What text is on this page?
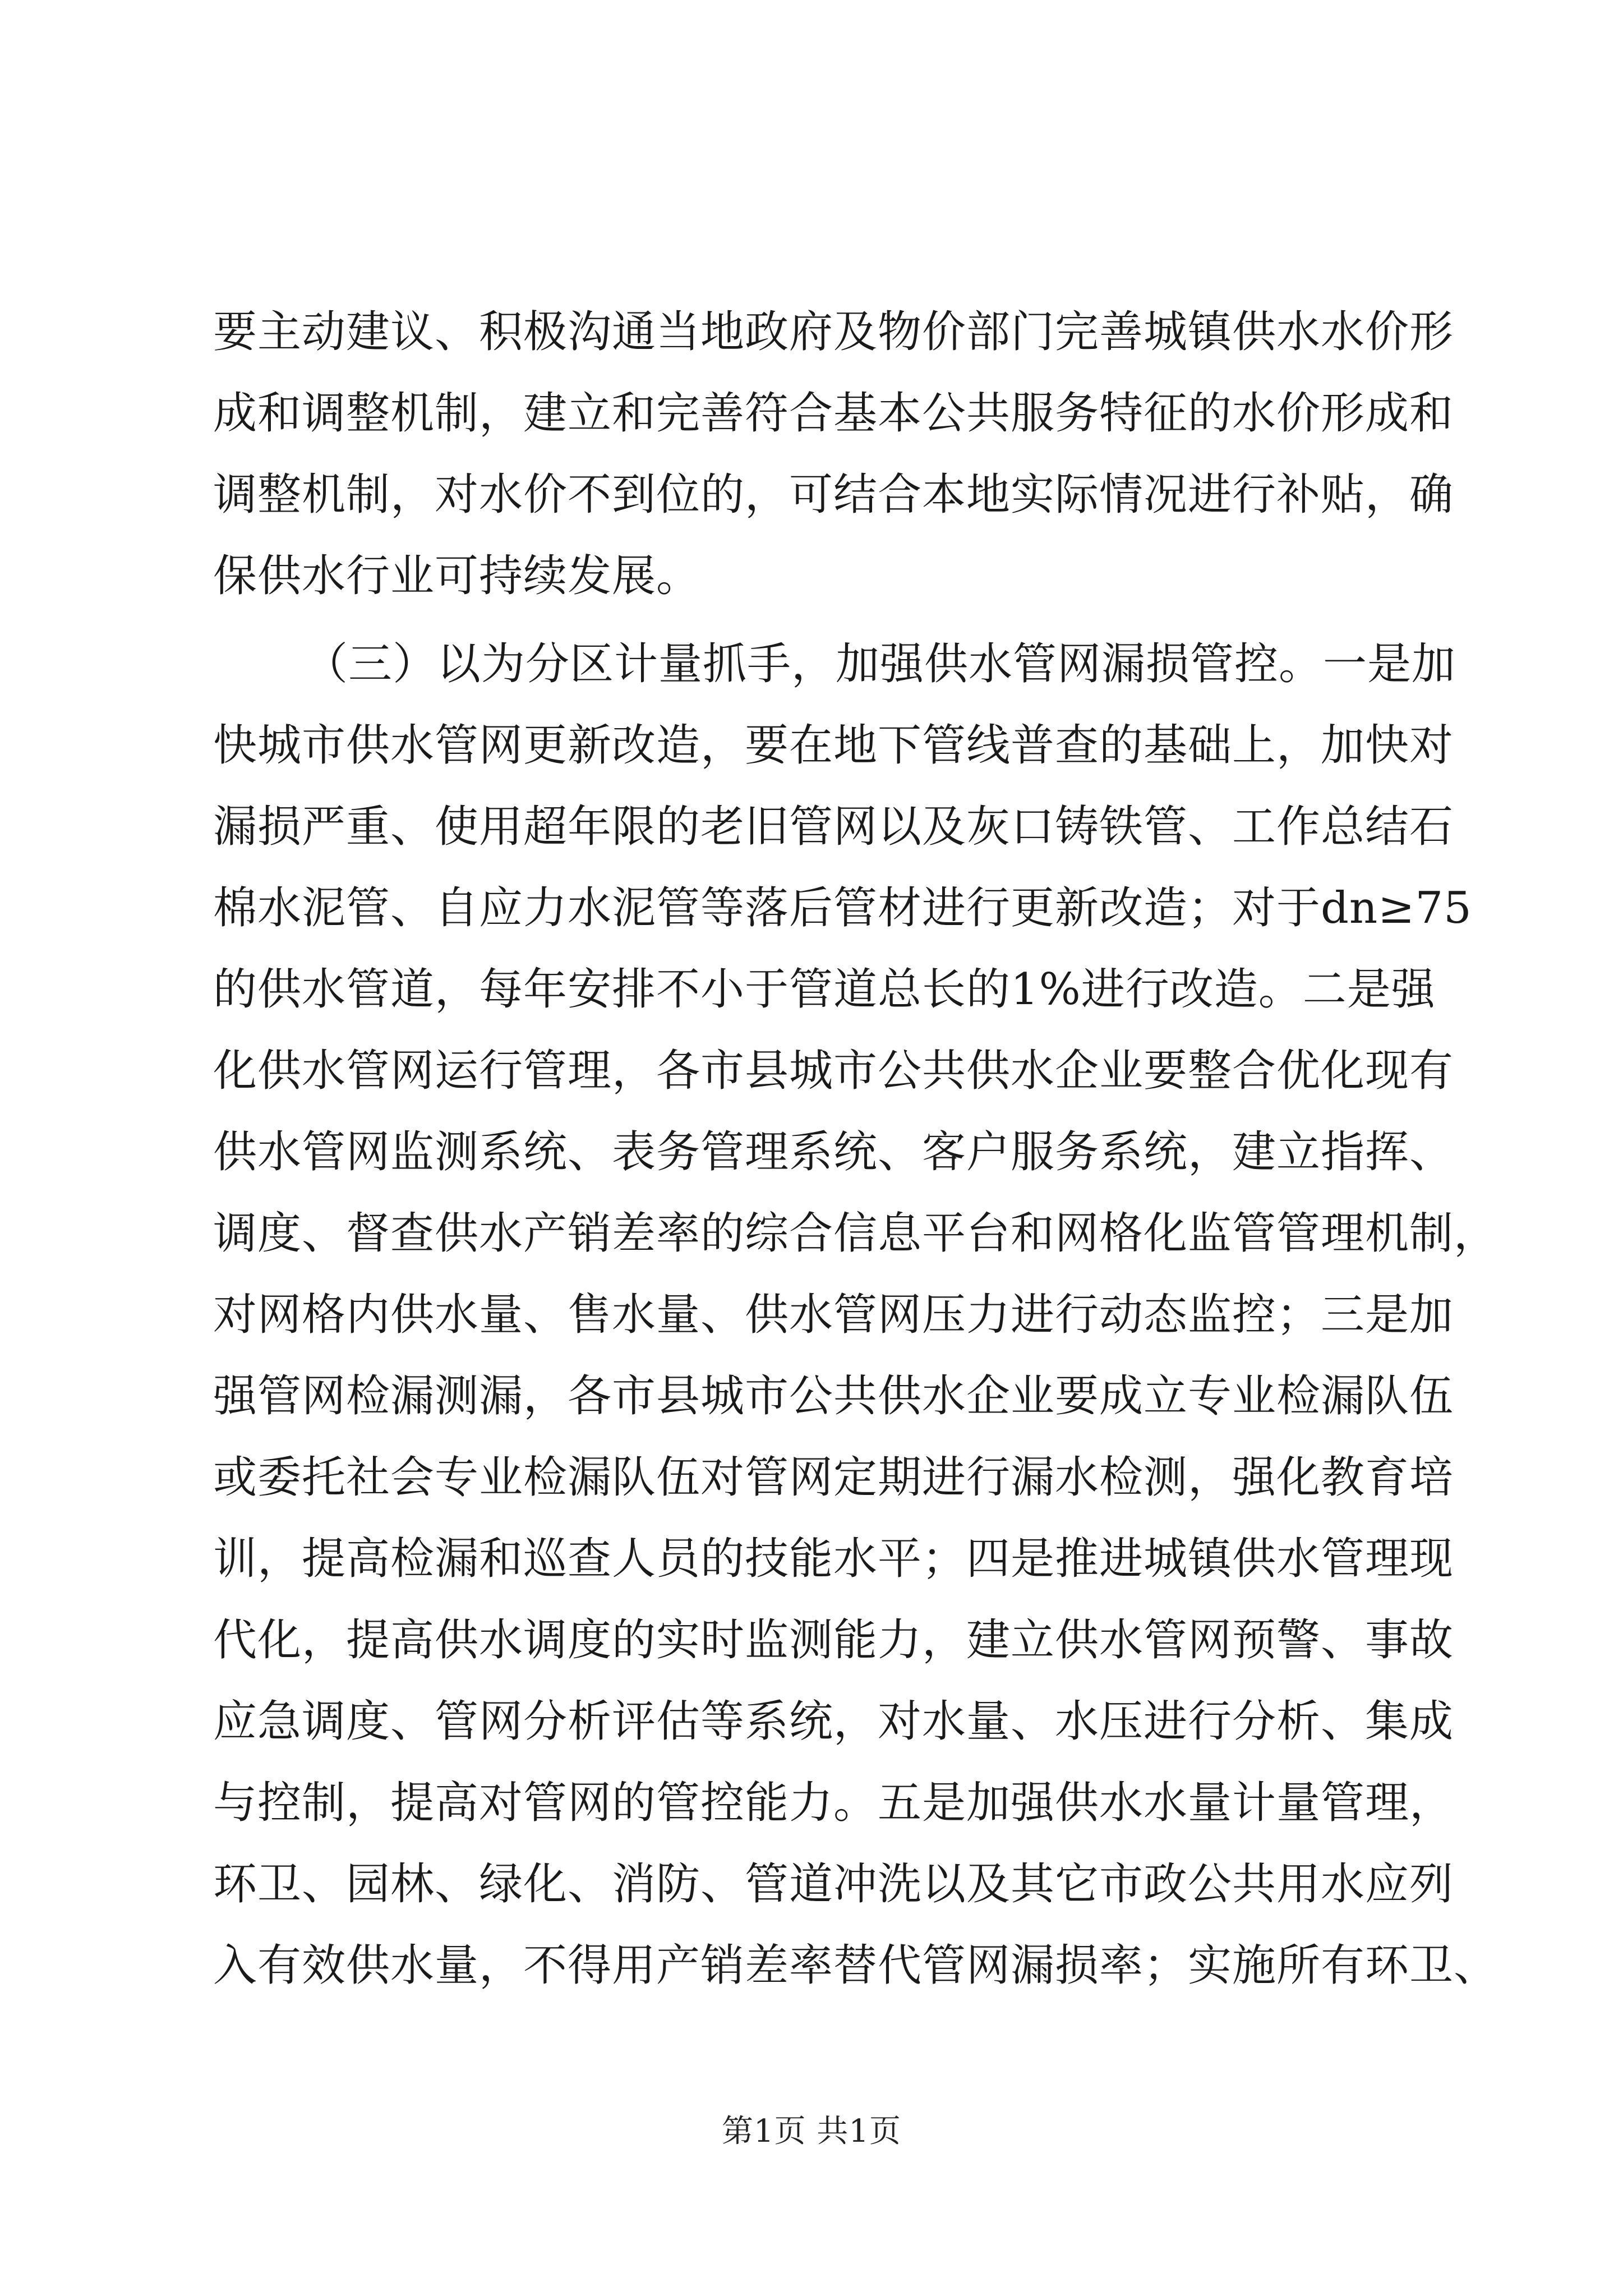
要主动建议、积极沟通当地政府及物价部门完善城镇供水水价形
成和调整机制，建立和完善符合基本公共服务特征的水价形成和
调整机制，对水价不到位的，可结合本地实际情况进行补贴，确
保供水行业可持续发展。
（三）以为分区计量抓手，加强供水管网漏损管控。一是加
快城市供水管网更新改造，要在地下管线普查的基础上，加快对
漏损严重、使用超年限的老旧管网以及灰口铸铁管、工作总结石
棉水泥管、自应力水泥管等落后管材进行更新改造；对于dn≥75
的供水管道，每年安排不小于管道总长的1%进行改造。二是强
化供水管网运行管理，各市县城市公共供水企业要整合优化现有
供水管网监测系统、表务管理系统、客户服务系统，建立指挥、
调度、督查供水产销差率的综合信息平台和网格化监管管理机制，
对网格内供水量、售水量、供水管网压力进行动态监控；三是加
强管网检漏测漏，各市县城市公共供水企业要成立专业检漏队伍
或委托社会专业检漏队伍对管网定期进行漏水检测，强化教育培
训，提高检漏和巡查人员的技能水平；四是推进城镇供水管理现
代化，提高供水调度的实时监测能力，建立供水管网预警、事故
应急调度、管网分析评估等系统，对水量、水压进行分析、集成
与控制，提高对管网的管控能力。五是加强供水水量计量管理，
环卫、园林、绿化、消防、管道冲洗以及其它市政公共用水应列
入有效供水量，不得用产销差率替代管网漏损率；实施所有环卫、
第1页 共1页
